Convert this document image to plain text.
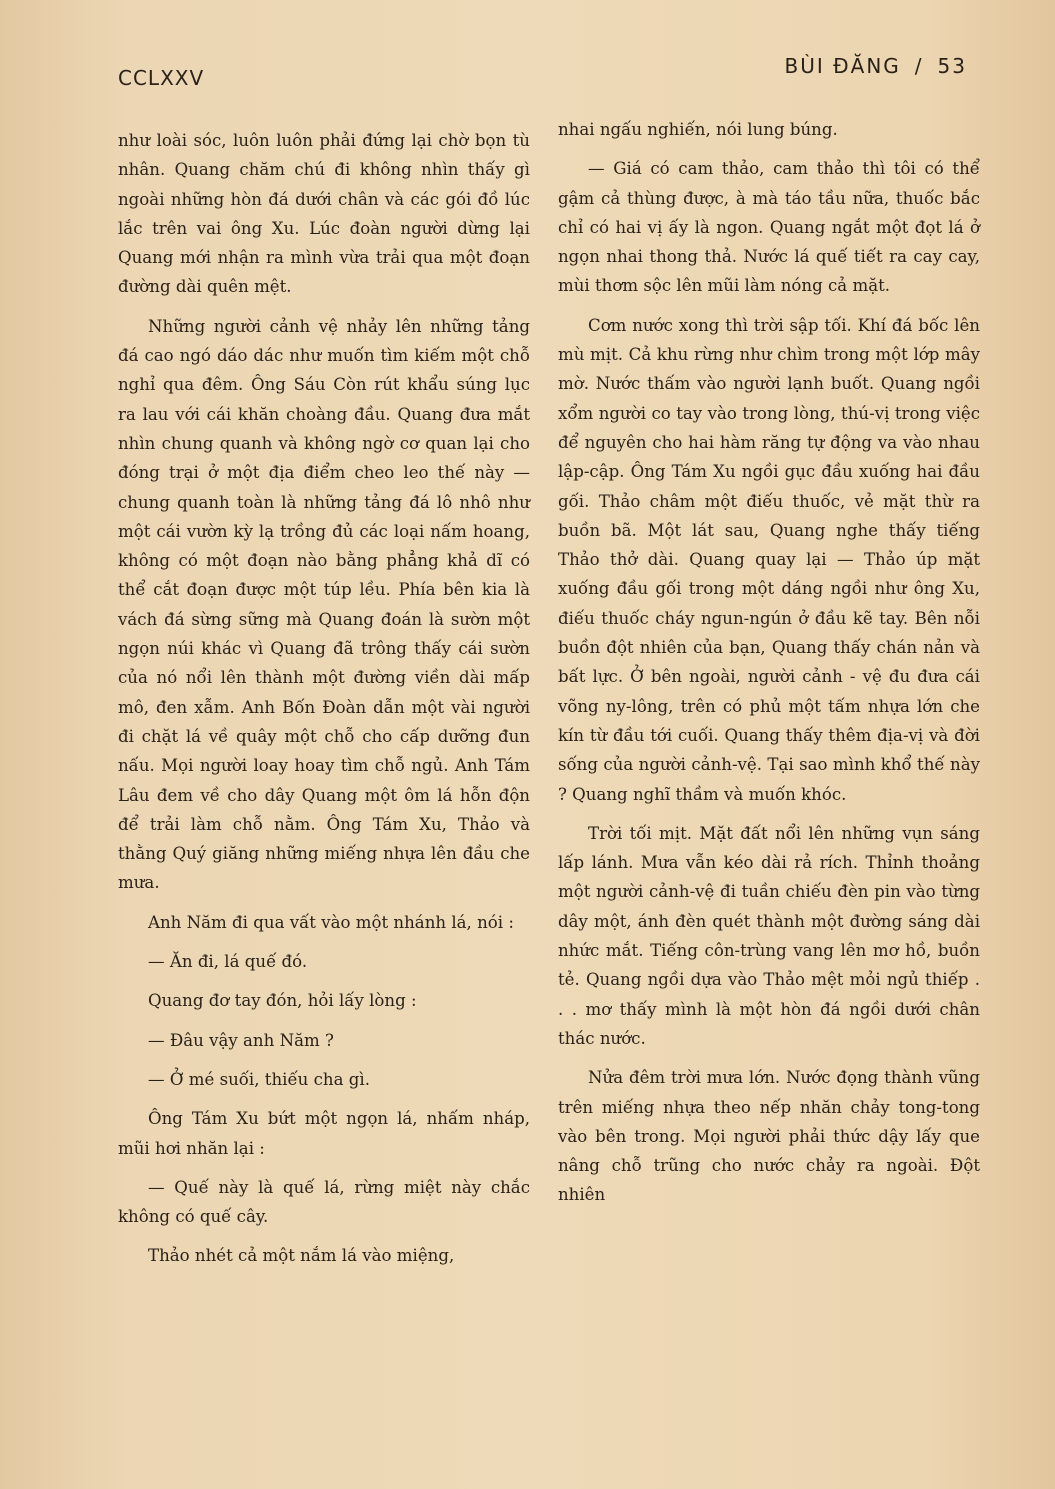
CCLXXV	BÙI ĐĂNG / 53

như loài sóc, luôn luôn phải đứng lại chờ bọn tù nhân. Quang chăm chú đi không nhìn thấy gì ngoài những hòn đá dưới chân và các gói đồ lúc lắc trên vai ông Xu. Lúc đoàn người dừng lại Quang mới nhận ra mình vừa trải qua một đoạn đường dài quên mệt.

Những người cảnh vệ nhảy lên những tảng đá cao ngó dáo dác như muốn tìm kiếm một chỗ nghỉ qua đêm. Ông Sáu Còn rút khẩu súng lục ra lau với cái khăn choàng đầu. Quang đưa mắt nhìn chung quanh và không ngờ cơ quan lại cho đóng trại ở một địa điểm cheo leo thế này — chung quanh toàn là những tảng đá lô nhô như một cái vườn kỳ lạ trồng đủ các loại nấm hoang, không có một đoạn nào bằng phẳng khả dĩ có thể cắt đoạn được một túp lều. Phía bên kia là vách đá sừng sững mà Quang đoán là sườn một ngọn núi khác vì Quang đã trông thấy cái sườn của nó nổi lên thành một đường viền dài mấp mô, đen xẫm. Anh Bốn Đoàn dẫn một vài người đi chặt lá về quây một chỗ cho cấp dưỡng đun nấu. Mọi người loay hoay tìm chỗ ngủ. Anh Tám Lâu đem về cho dây Quang một ôm lá hỗn độn để trải làm chỗ nằm. Ông Tám Xu, Thảo và thằng Quý giăng những miếng nhựa lên đầu che mưa.

Anh Năm đi qua vất vào một nhánh lá, nói :

— Ăn đi, lá quế đó.

Quang đơ tay đón, hỏi lấy lòng :

— Đâu vậy anh Năm ?

— Ở mé suối, thiếu cha gì.

Ông Tám Xu bứt một ngọn lá, nhấm nháp, mũi hơi nhăn lại :

— Quế này là quế lá, rừng miệt này chắc không có quế cây.

Thảo nhét cả một nắm lá vào miệng,

nhai ngấu nghiến, nói lung búng.

— Giá có cam thảo, cam thảo thì tôi có thể gậm cả thùng được, à mà táo tầu nữa, thuốc bắc chỉ có hai vị ấy là ngon. Quang ngắt một đọt lá ở ngọn nhai thong thả. Nước lá quế tiết ra cay cay, mùi thơm sộc lên mũi làm nóng cả mặt.

Cơm nước xong thì trời sập tối. Khí đá bốc lên mù mịt. Cả khu rừng như chìm trong một lớp mây mờ. Nước thấm vào người lạnh buốt. Quang ngồi xổm người co tay vào trong lòng, thú-vị trong việc để nguyên cho hai hàm răng tự động va vào nhau lập-cập. Ông Tám Xu ngồi gục đầu xuống hai đầu gối. Thảo châm một điếu thuốc, vẻ mặt thừ ra buồn bã. Một lát sau, Quang nghe thấy tiếng Thảo thở dài. Quang quay lại — Thảo úp mặt xuống đầu gối trong một dáng ngồi như ông Xu, điếu thuốc cháy ngun-ngún ở đầu kẽ tay. Bên nỗi buồn đột nhiên của bạn, Quang thấy chán nản và bất lực. Ở bên ngoài, người cảnh - vệ đu đưa cái võng ny-lông, trên có phủ một tấm nhựa lớn che kín từ đầu tới cuối. Quang thấy thêm địa-vị và đời sống của người cảnh-vệ. Tại sao mình khổ thế này ? Quang nghĩ thầm và muốn khóc.

Trời tối mịt. Mặt đất nổi lên những vụn sáng lấp lánh. Mưa vẫn kéo dài rả rích. Thỉnh thoảng một người cảnh-vệ đi tuần chiếu đèn pin vào từng dây một, ánh đèn quét thành một đường sáng dài nhức mắt. Tiếng côn-trùng vang lên mơ hồ, buồn tẻ. Quang ngồi dựa vào Thảo mệt mỏi ngủ thiếp . . . mơ thấy mình là một hòn đá ngồi dưới chân thác nước.

Nửa đêm trời mưa lớn. Nước đọng thành vũng trên miếng nhựa theo nếp nhăn chảy tong-tong vào bên trong. Mọi người phải thức dậy lấy que nâng chỗ trũng cho nước chảy ra ngoài. Đột nhiên
